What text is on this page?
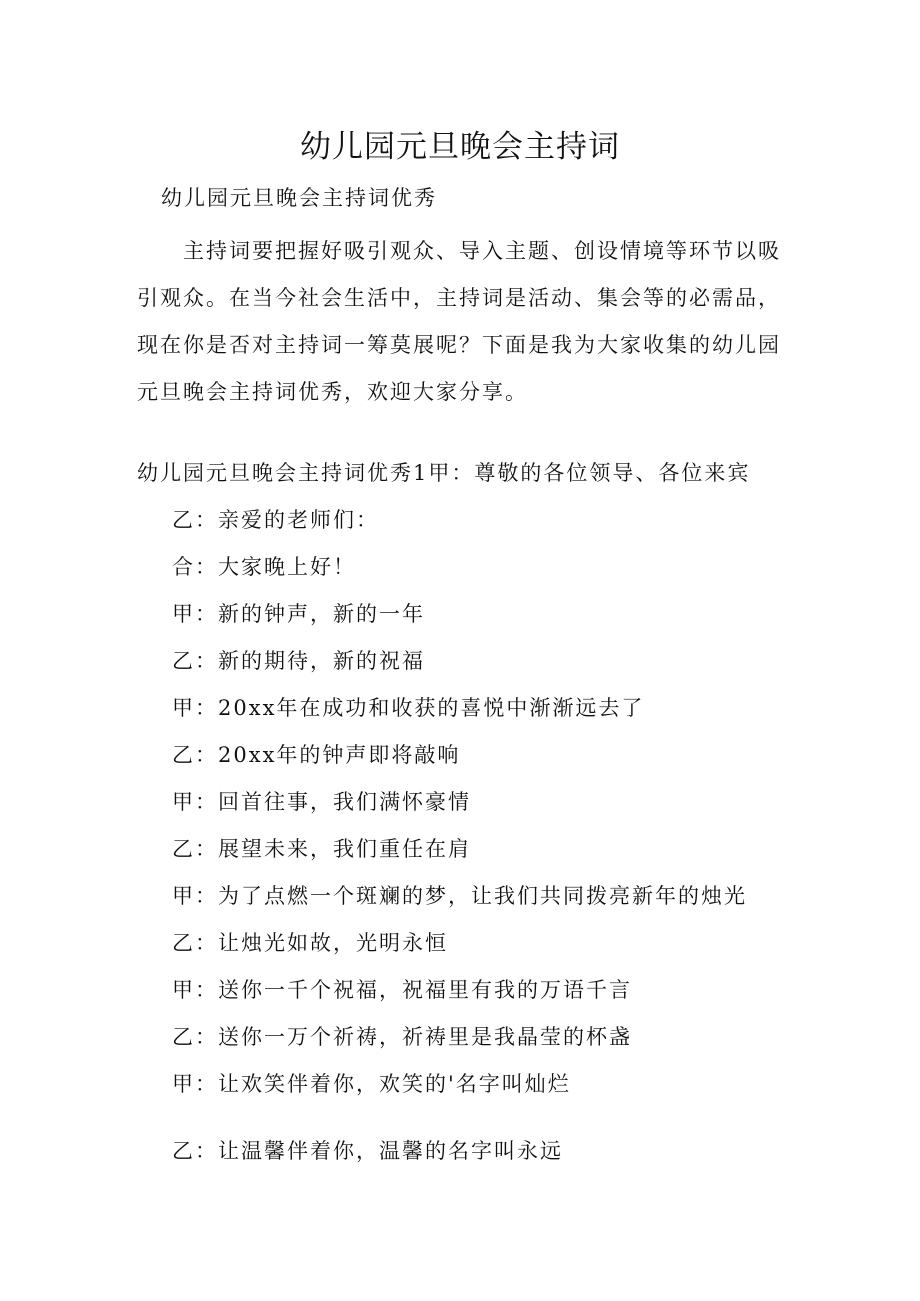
幼儿园元旦晚会主持词
幼儿园元旦晚会主持词优秀

主持词要把握好吸引观众、导入主题、创设情境等环节以吸

引观众。在当今社会生活中，主持词是活动、集会等的必需品，

现在你是否对主持词一筹莫展呢？下面是我为大家收集的幼儿园

元旦晚会主持词优秀，欢迎大家分享。

幼儿园元旦晚会主持词优秀1甲：尊敬的各位领导、各位来宾
乙：亲爱的老师们：
合：大家晚上好！
甲：新的钟声，新的一年
乙：新的期待，新的祝福
甲：20xx年在成功和收获的喜悦中渐渐远去了
乙：20xx年的钟声即将敲响
甲：回首往事，我们满怀豪情
乙：展望未来，我们重任在肩
甲：为了点燃一个斑斓的梦，让我们共同拨亮新年的烛光
乙：让烛光如故，光明永恒
甲：送你一千个祝福，祝福里有我的万语千言
乙：送你一万个祈祷，祈祷里是我晶莹的杯盏
甲：让欢笑伴着你，欢笑的'名字叫灿烂
乙：让温馨伴着你，温馨的名字叫永远
